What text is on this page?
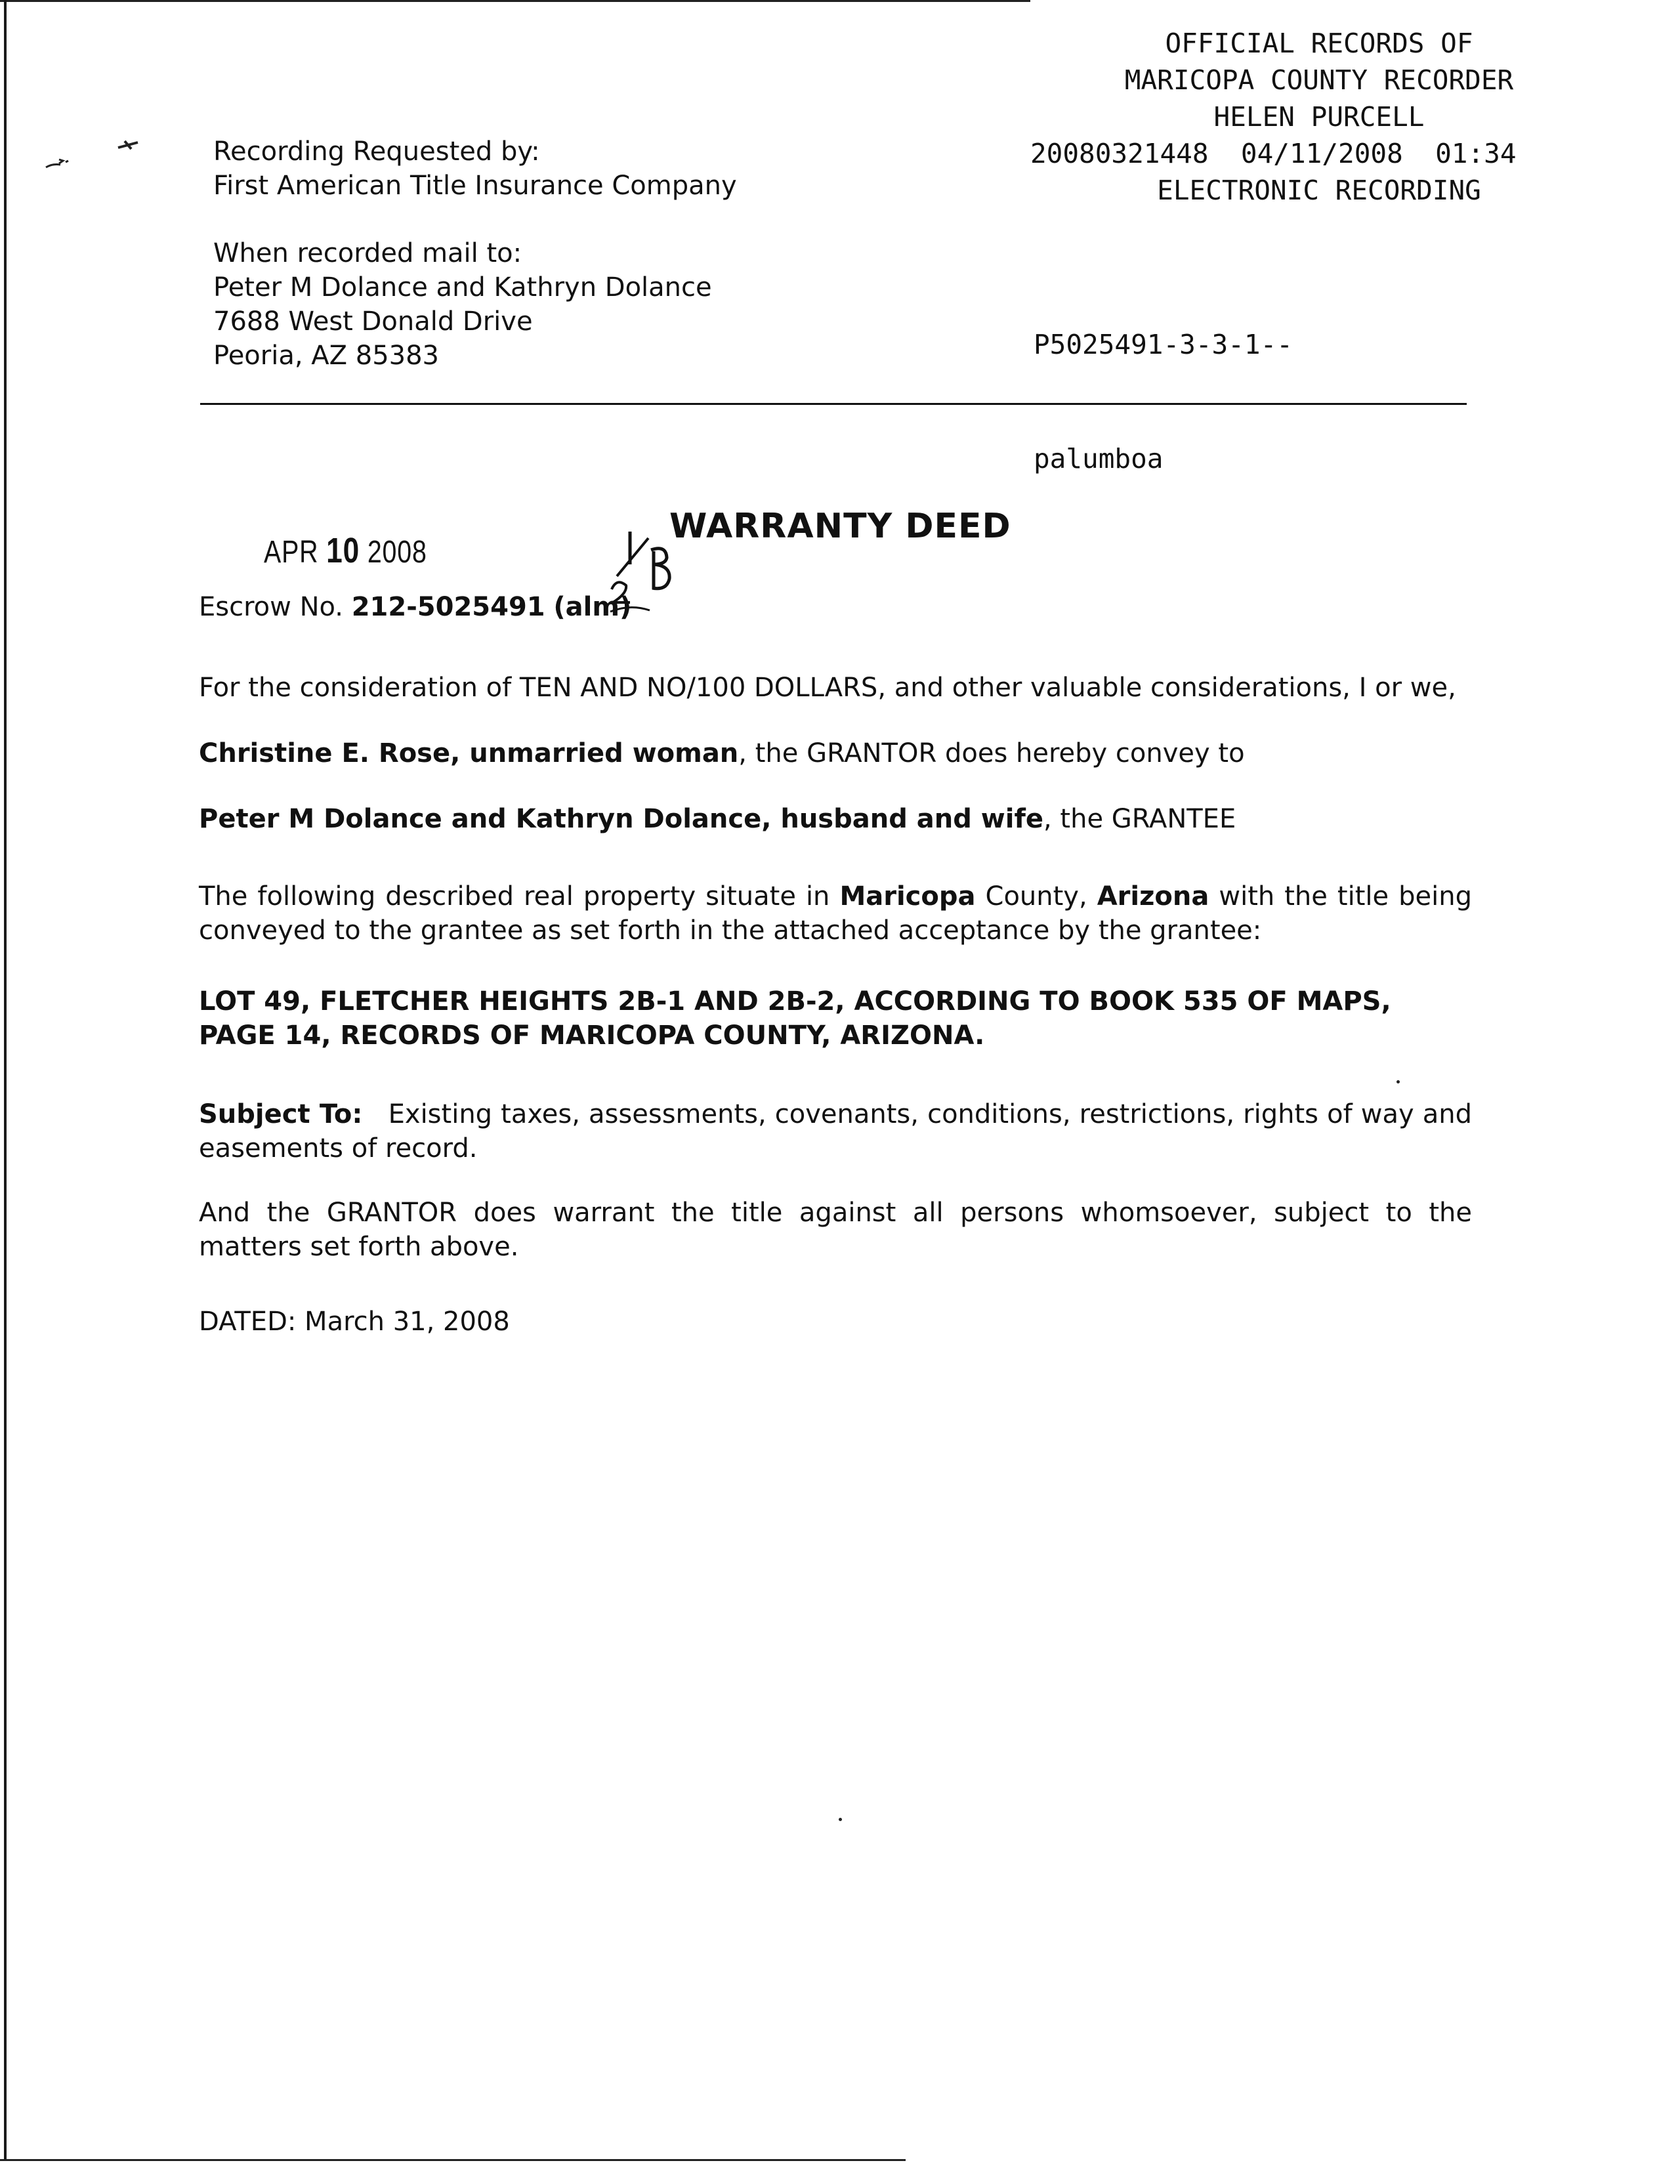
OFFICIAL RECORDS OF
MARICOPA COUNTY RECORDER
HELEN PURCELL
20080321448 04/11/2008 01:34
ELECTRONIC RECORDING

P5025491-3-3-1--

palumboa

Recording Requested by:
First American Title Insurance Company
When recorded mail to:
Peter M Dolance and Kathryn Dolance
7688 West Donald Drive
Peoria, AZ 85383
APR 10 2008
WARRANTY DEED
Escrow No. 212-5025491 (alm)
For the consideration of TEN AND NO/100 DOLLARS, and other valuable considerations, I or we,
Christine E. Rose, unmarried woman, the GRANTOR does hereby convey to
Peter M Dolance and Kathryn Dolance, husband and wife, the GRANTEE
The following described real property situate in Maricopa County, Arizona with the title being conveyed to the grantee as set forth in the attached acceptance by the grantee:
LOT 49, FLETCHER HEIGHTS 2B-1 AND 2B-2, ACCORDING TO BOOK 535 OF MAPS, PAGE 14, RECORDS OF MARICOPA COUNTY, ARIZONA.
Subject To: Existing taxes, assessments, covenants, conditions, restrictions, rights of way and easements of record.
And the GRANTOR does warrant the title against all persons whomsoever, subject to the matters set forth above.
DATED: March 31, 2008
